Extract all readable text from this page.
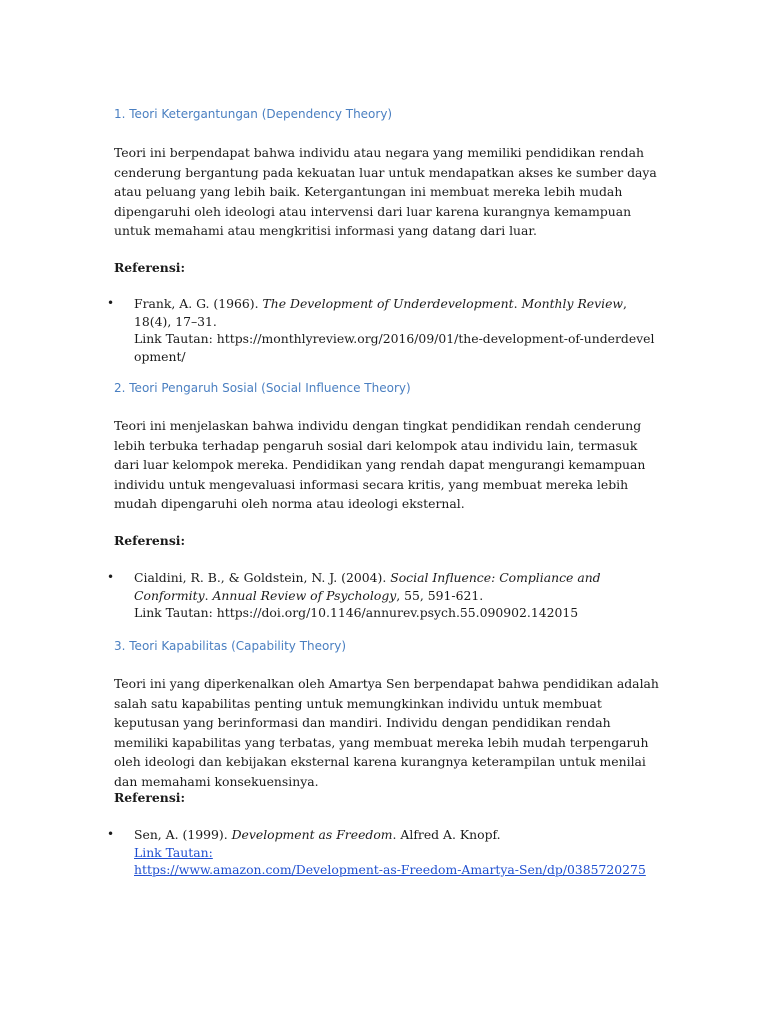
1. Teori Ketergantungan (Dependency Theory)
Teori ini berpendapat bahwa individu atau negara yang memiliki pendidikan rendah cenderung bergantung pada kekuatan luar untuk mendapatkan akses ke sumber daya atau peluang yang lebih baik. Ketergantungan ini membuat mereka lebih mudah dipengaruhi oleh ideologi atau intervensi dari luar karena kurangnya kemampuan untuk memahami atau mengkritisi informasi yang datang dari luar.
Referensi:
• Frank, A. G. (1966). The Development of Underdevelopment. Monthly Review, 18(4), 17–31.
Link Tautan: https://monthlyreview.org/2016/09/01/the-development-of-underdevelopment/
2. Teori Pengaruh Sosial (Social Influence Theory)
Teori ini menjelaskan bahwa individu dengan tingkat pendidikan rendah cenderung lebih terbuka terhadap pengaruh sosial dari kelompok atau individu lain, termasuk dari luar kelompok mereka. Pendidikan yang rendah dapat mengurangi kemampuan individu untuk mengevaluasi informasi secara kritis, yang membuat mereka lebih mudah dipengaruhi oleh norma atau ideologi eksternal.
Referensi:
• Cialdini, R. B., & Goldstein, N. J. (2004). Social Influence: Compliance and Conformity. Annual Review of Psychology, 55, 591-621.
Link Tautan: https://doi.org/10.1146/annurev.psych.55.090902.142015
3. Teori Kapabilitas (Capability Theory)
Teori ini yang diperkenalkan oleh Amartya Sen berpendapat bahwa pendidikan adalah salah satu kapabilitas penting untuk memungkinkan individu untuk membuat keputusan yang berinformasi dan mandiri. Individu dengan pendidikan rendah memiliki kapabilitas yang terbatas, yang membuat mereka lebih mudah terpengaruh oleh ideologi dan kebijakan eksternal karena kurangnya keterampilan untuk menilai dan memahami konsekuensinya.
Referensi:
• Sen, A. (1999). Development as Freedom. Alfred A. Knopf.
Link Tautan:
https://www.amazon.com/Development-as-Freedom-Amartya-Sen/dp/0385720275
